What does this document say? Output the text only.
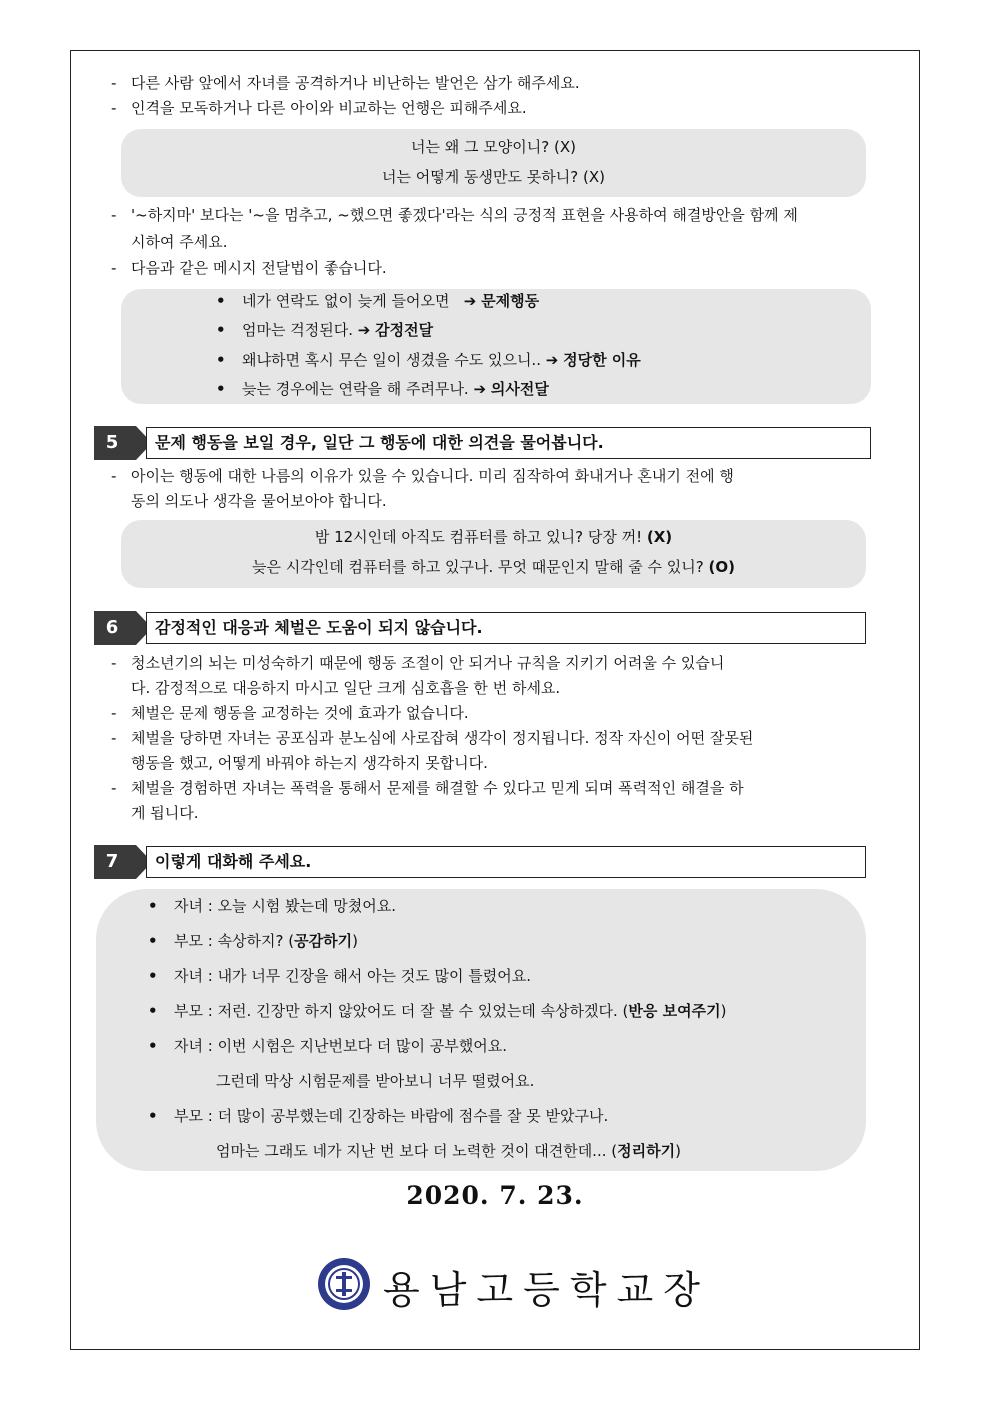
- 다른 사람 앞에서 자녀를 공격하거나 비난하는 발언은 삼가 해주세요.
- 인격을 모독하거나 다른 아이와 비교하는 언행은 피해주세요.
너는 왜 그 모양이니? (X)
너는 어떻게 동생만도 못하니? (X)
- '~하지마' 보다는 '~을 멈추고, ~했으면 좋겠다'라는 식의 긍정적 표현을 사용하여 해결방안을 함께 제
시하여 주세요.
- 다음과 같은 메시지 전달법이 좋습니다.
• 네가 연락도 없이 늦게 들어오면 ➔ 문제행동
• 엄마는 걱정된다. ➔ 감정전달
• 왜냐하면 혹시 무슨 일이 생겼을 수도 있으니.. ➔ 정당한 이유
• 늦는 경우에는 연락을 해 주려무나. ➔ 의사전달
5	문제 행동을 보일 경우, 일단 그 행동에 대한 의견을 물어봅니다.
- 아이는 행동에 대한 나름의 이유가 있을 수 있습니다. 미리 짐작하여 화내거나 혼내기 전에 행
동의 의도나 생각을 물어보아야 합니다.
밤 12시인데 아직도 컴퓨터를 하고 있니? 당장 꺼! (X)
늦은 시각인데 컴퓨터를 하고 있구나. 무엇 때문인지 말해 줄 수 있니? (O)
6	감정적인 대응과 체벌은 도움이 되지 않습니다.
- 청소년기의 뇌는 미성숙하기 때문에 행동 조절이 안 되거나 규칙을 지키기 어려울 수 있습니
다. 감정적으로 대응하지 마시고 일단 크게 심호흡을 한 번 하세요.
- 체벌은 문제 행동을 교정하는 것에 효과가 없습니다.
- 체벌을 당하면 자녀는 공포심과 분노심에 사로잡혀 생각이 정지됩니다. 정작 자신이 어떤 잘못된
행동을 했고, 어떻게 바꿔야 하는지 생각하지 못합니다.
- 체벌을 경험하면 자녀는 폭력을 통해서 문제를 해결할 수 있다고 믿게 되며 폭력적인 해결을 하
게 됩니다.
7	이렇게 대화해 주세요.
• 자녀 : 오늘 시험 봤는데 망쳤어요.
• 부모 : 속상하지? (공감하기)
• 자녀 : 내가 너무 긴장을 해서 아는 것도 많이 틀렸어요.
• 부모 : 저런. 긴장만 하지 않았어도 더 잘 볼 수 있었는데 속상하겠다. (반응 보여주기)
• 자녀 : 이번 시험은 지난번보다 더 많이 공부했어요.
그런데 막상 시험문제를 받아보니 너무 떨렸어요.
• 부모 : 더 많이 공부했는데 긴장하는 바람에 점수를 잘 못 받았구나.
엄마는 그래도 네가 지난 번 보다 더 노력한 것이 대견한데... (정리하기)
2020. 7. 23.
용남고등학교장
